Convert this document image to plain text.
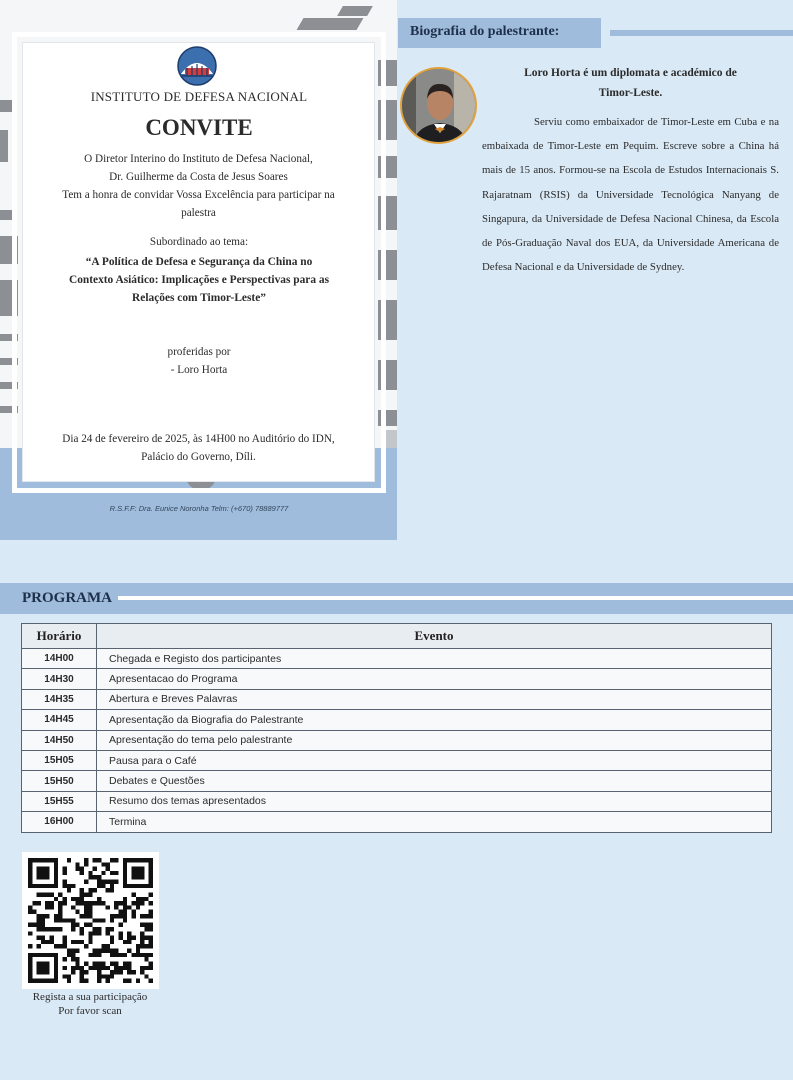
INSTITUTO DE DEFESA NACIONAL
CONVITE
O Diretor Interino do Instituto de Defesa Nacional,
Dr. Guilherme da Costa de Jesus Soares
Tem a honra de convidar Vossa Excelência para participar na
palestra
Subordinado ao tema:
“A Política de Defesa e Segurança da China no
Contexto Asiático: Implicações e Perspectivas para as
Relações com Timor-Leste”
proferidas por
- Loro Horta
Dia 24 de fevereiro de 2025, às 14H00 no Auditório do IDN,
Palácio do Governo, Díli.
R.S.F.F: Dra. Eunice Noronha Telm: (+670) 78889777
Biografia do palestrante:
Loro Horta é um diplomata e académico de
Timor-Leste.
Serviu como embaixador de Timor-Leste em Cuba e na embaixada de Timor-Leste em Pequim. Escreve sobre a China há mais de 15 anos. Formou-se na Escola de Estudos Internacionais S. Rajaratnam (RSIS) da Universidade Tecnológica Nanyang de Singapura, da Universidade de Defesa Nacional Chinesa, da Escola de Pós-Graduação Naval dos EUA, da Universidade Americana de Defesa Nacional e da Universidade de Sydney.
PROGRAMA
Horário	Evento
14H00	Chegada e Registo dos participantes
14H30	Apresentacao do Programa
14H35	Abertura e Breves Palavras
14H45	Apresentação da Biografia do Palestrante
14H50	Apresentação do tema pelo palestrante
15H05	Pausa para o Café
15H50	Debates e Questões
15H55	Resumo dos temas apresentados
16H00	Termina
Regista a sua participação
Por favor scan
